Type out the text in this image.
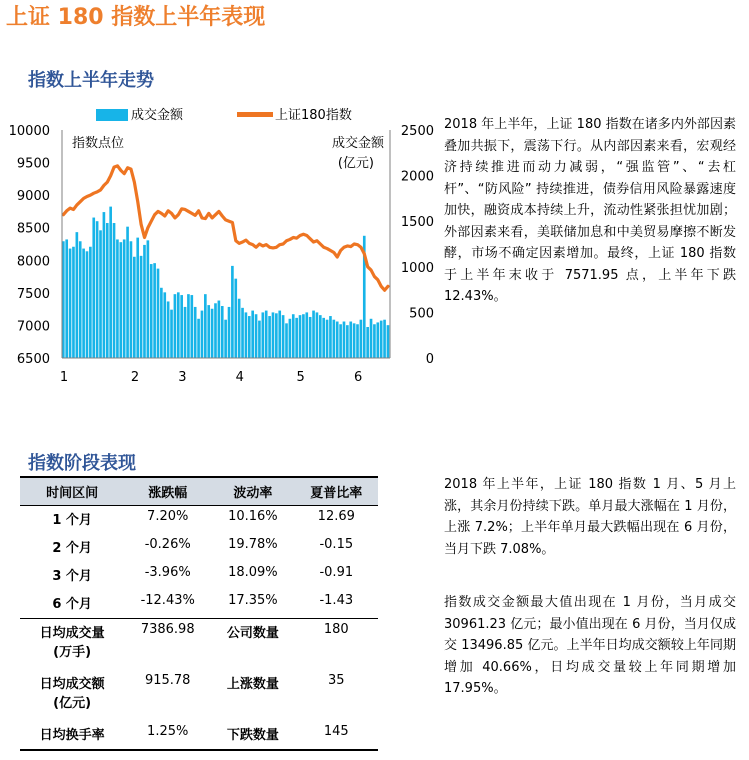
上证 180 指数上半年表现
指数上半年走势
10000
9500
9000
8500
8000
7500
7000
6500
2500
2000
1500
1000
500
0
1	2	3	4	5	6
成交金额	上证180指数
指数点位	成交金额
(亿元)

2018 年上半年，上证 180 指数在诸多内外部因素叠加共振下，震荡下行。从内部因素来看，宏观经济持续推进而动力减弱，“强监管”、“去杠杆”、“防风险” 持续推进，债券信用风险暴露速度加快，融资成本持续上升，流动性紧张担忧加剧；外部因素来看，美联储加息和中美贸易摩擦不断发酵，市场不确定因素增加。最终，上证 180 指数于上半年末收于 7571.95 点，上半年下跌 12.43%。

指数阶段表现
时间区间	涨跌幅	波动率	夏普比率
1 个月	7.20%	10.16%	12.69
2 个月	-0.26%	19.78%	-0.15
3 个月	-3.96%	18.09%	-0.91
6 个月	-12.43%	17.35%	-1.43
日均成交量
(万手)	7386.98	公司数量	180
日均成交额
(亿元)	915.78	上涨数量	35
日均换手率	1.25%	下跌数量	145

2018 年上半年，上证 180 指数 1 月、5 月上涨，其余月份持续下跌。单月最大涨幅在 1 月份，上涨 7.2%；上半年单月最大跌幅出现在 6 月份，当月下跌 7.08%。

指数成交金额最大值出现在 1 月份，当月成交 30961.23 亿元；最小值出现在 6 月份，当月仅成交 13496.85 亿元。上半年日均成交额较上年同期增加 40.66%，日均成交量较上年同期增加 17.95%。
